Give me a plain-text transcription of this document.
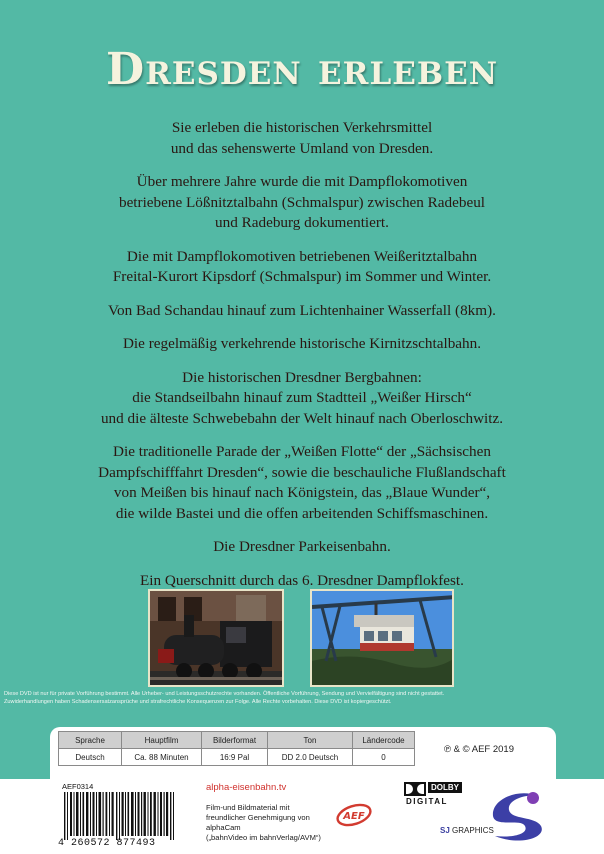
Dresden erleben

Sie erleben die historischen Verkehrsmittel
und das sehenswerte Umland von Dresden.

Über mehrere Jahre wurde die mit Dampflokomotiven
betriebene Lößnitztalbahn (Schmalspur) zwischen Radebeul
und Radeburg dokumentiert.

Die mit Dampflokomotiven betriebenen Weißeritztalbahn
Freital-Kurort Kipsdorf (Schmalspur) im Sommer und Winter.

Von Bad Schandau hinauf zum Lichtenhainer Wasserfall (8km).

Die regelmäßig verkehrende historische Kirnitzschtalbahn.

Die historischen Dresdner Bergbahnen:
die Standseilbahn hinauf zum Stadtteil „Weißer Hirsch“
und die älteste Schwebebahn der Welt hinauf nach Oberloschwitz.

Die traditionelle Parade der „Weißen Flotte“ der „Sächsischen
Dampfschifffahrt Dresden“, sowie die beschauliche Flußlandschaft
von Meißen bis hinauf nach Königstein, das „Blaue Wunder“,
die wilde Bastei und die offen arbeitenden Schiffsmaschinen.

Die Dresdner Parkeisenbahn.

Ein Querschnitt durch das 6. Dresdner Dampflokfest.

Diese DVD ist nur für private Vorführung bestimmt. Alle Urheber- und Leistungsschutzrechte vorhanden. Öffentliche Vorführung, Sendung und Vervielfältigung sind nicht gestattet.
Zuwiderhandlungen haben Schadensersatzansprüche und strafrechtliche Konsequenzen zur Folge. Alle Rechte vorbehalten. Diese DVD ist kopiergeschützt.
Sprache	Hauptfilm	Bilderformat	Ton	Ländercode
Deutsch	Ca. 88 Minuten	16:9 Pal	DD 2.0 Deutsch	0
℗ & © AEF 2019
AEF0314
4 260572 877493
alpha-eisenbahn.tv
Film-und Bildmaterial mit
freundlicher Genehmigung von alphaCam
(„bahnVideo im bahnVerlag/AVM“)
AEF
DOLBY
DIGITAL
SJ GRAPHICS
